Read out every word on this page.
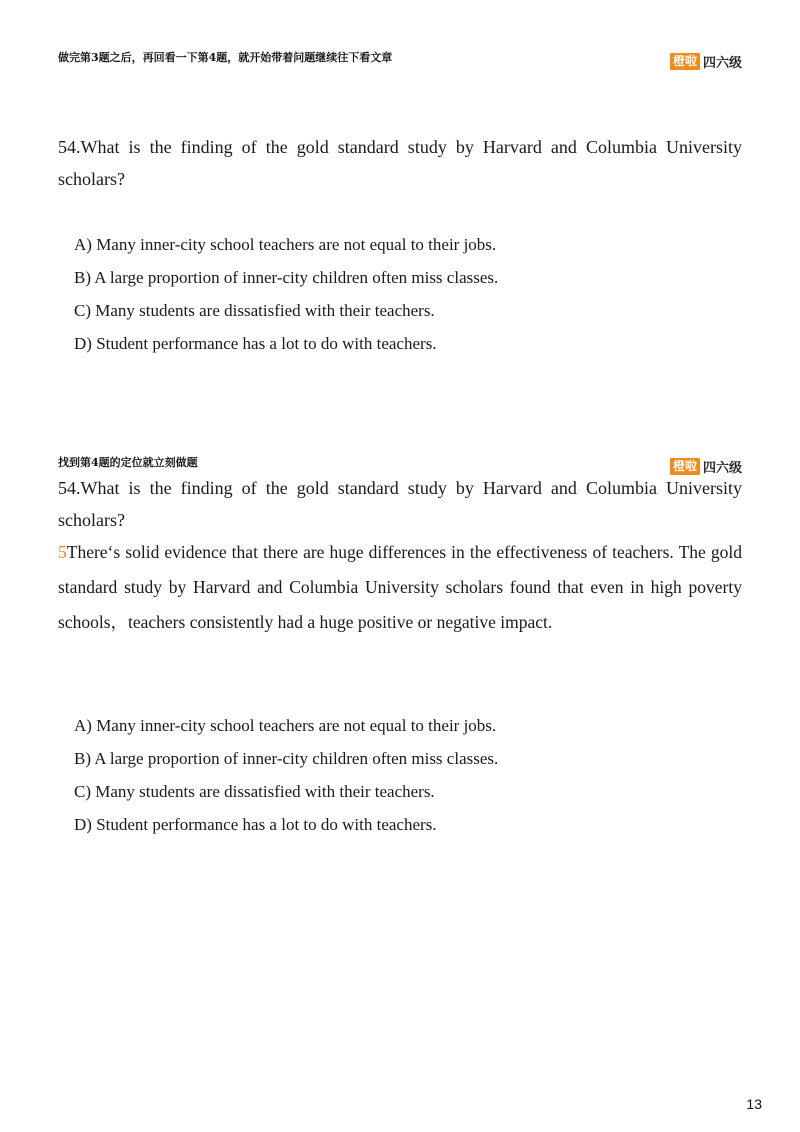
做完第3题之后，再回看一下第4题，就开始带着问题继续往下看文章	橙啦 四六级
54.What is the finding of the gold standard study by Harvard and Columbia University scholars?
A) Many inner-city school teachers are not equal to their jobs.
B) A large proportion of inner-city children often miss classes.
C) Many students are dissatisfied with their teachers.
D) Student performance has a lot to do with teachers.
找到第4题的定位就立刻做题	橙啦 四六级
54.What is the finding of the gold standard study by Harvard and Columbia University scholars?
5There‘s solid evidence that there are huge differences in the effectiveness of teachers. The gold standard study by Harvard and Columbia University scholars found that even in high poverty schools，teachers consistently had a huge positive or negative impact.
A) Many inner-city school teachers are not equal to their jobs.
B) A large proportion of inner-city children often miss classes.
C) Many students are dissatisfied with their teachers.
D) Student performance has a lot to do with teachers.
13
